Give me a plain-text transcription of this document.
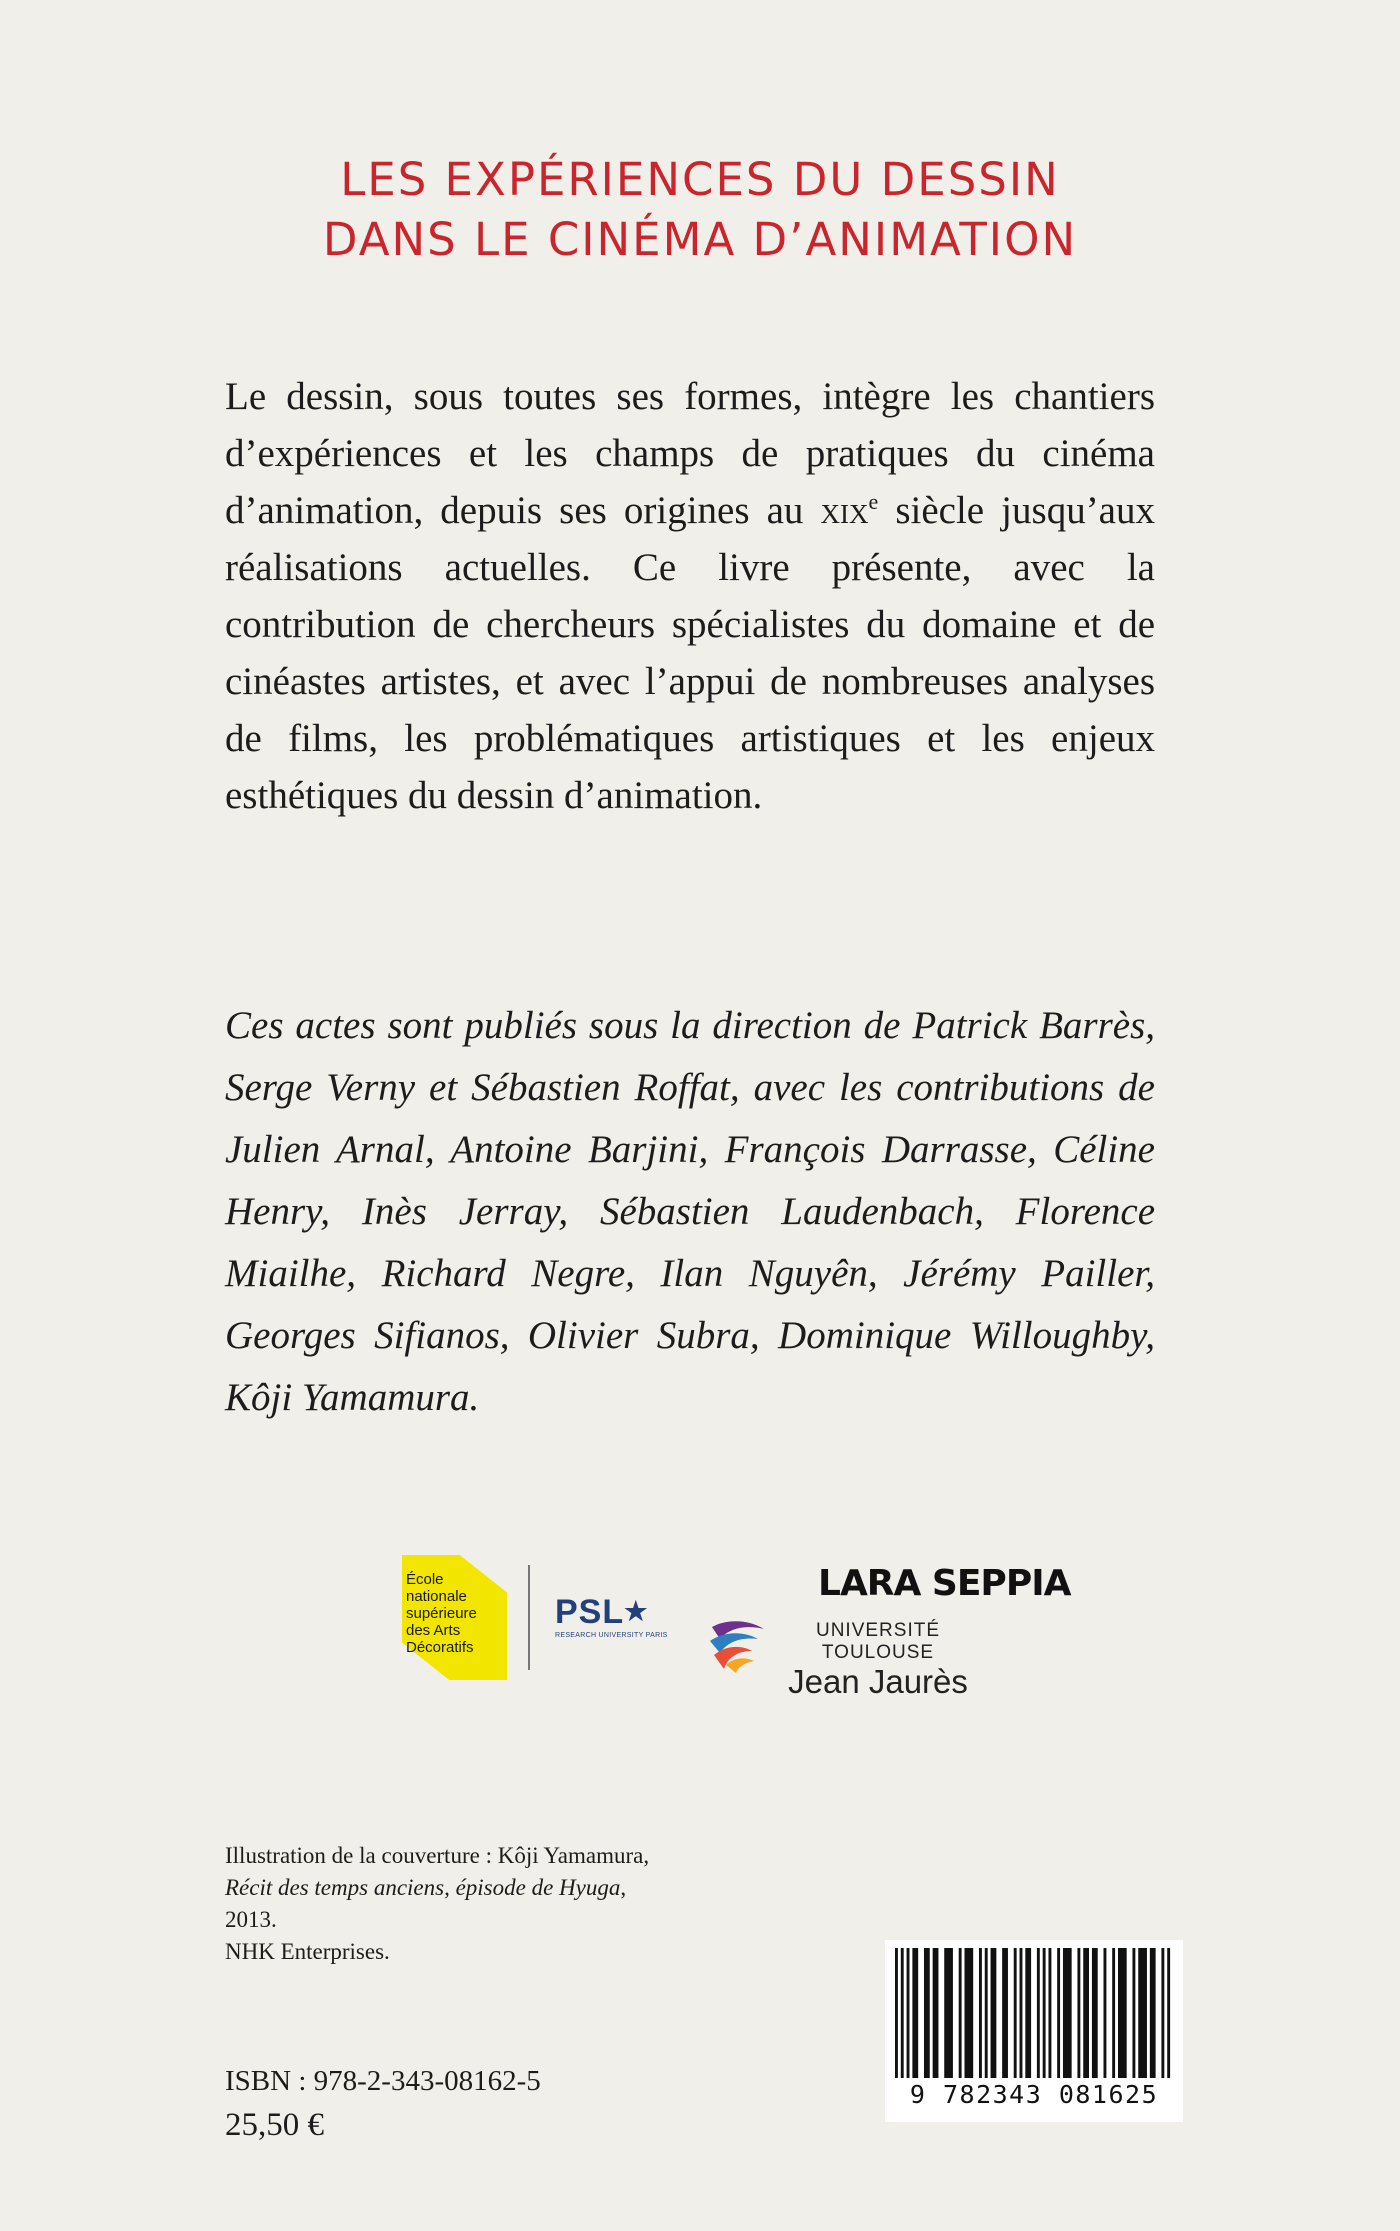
LES EXPÉRIENCES DU DESSIN
DANS LE CINÉMA D’ANIMATION
Le dessin, sous toutes ses formes, intègre les chantiers d’expériences et les champs de pratiques du cinéma d’animation, depuis ses origines au xix$^e$ siècle jusqu’aux réalisations actuelles. Ce livre présente, avec la contribution de chercheurs spécialistes du domaine et de cinéastes artistes, et avec l’appui de nombreuses analyses de films, les problématiques artistiques et les enjeux esthétiques du dessin d’animation.
Ces actes sont publiés sous la direction de Patrick Barrès, Serge Verny et Sébastien Roffat, avec les contributions de Julien Arnal, Antoine Barjini, François Darrasse, Céline Henry, Inès Jerray, Sébastien Laudenbach, Florence Miailhe, Richard Negre, Ilan Nguyên, Jérémy Pailler, Georges Sifianos, Olivier Subra, Dominique Willoughby, Kôji Yamamura.
École
nationale
supérieure
des Arts
Décoratifs
PSL★
RESEARCH UNIVERSITY PARIS
LARA SEPPIA
UNIVERSITÉ TOULOUSE
Jean Jaurès
Illustration de la couverture : Kôji Yamamura,
Récit des temps anciens, épisode de Hyuga,
2013.
NHK Enterprises.
ISBN : 978-2-343-08162-5
25,50 €
9 782343 081625
